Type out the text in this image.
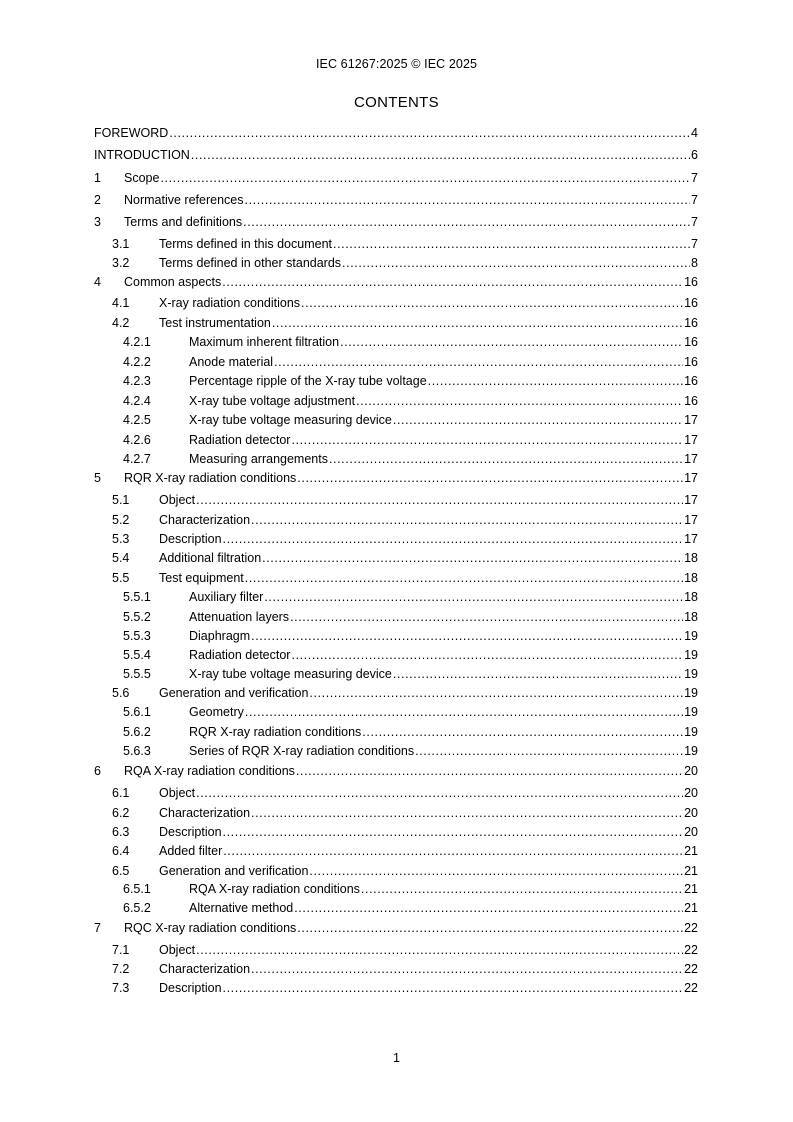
IEC 61267:2025 © IEC 2025
CONTENTS
FOREWORD .....	4
INTRODUCTION .....	6
1	Scope .....	7
2	Normative references .....	7
3	Terms and definitions .....	7
3.1	Terms defined in this document .....	7
3.2	Terms defined in other standards .....	8
4	Common aspects .....	16
4.1	X-ray radiation conditions .....	16
4.2	Test instrumentation .....	16
4.2.1	Maximum inherent filtration .....	16
4.2.2	Anode material .....	16
4.2.3	Percentage ripple of the X-ray tube voltage .....	16
4.2.4	X-ray tube voltage adjustment .....	16
4.2.5	X-ray tube voltage measuring device .....	17
4.2.6	Radiation detector .....	17
4.2.7	Measuring arrangements .....	17
5	RQR X-ray radiation conditions .....	17
5.1	Object .....	17
5.2	Characterization .....	17
5.3	Description .....	17
5.4	Additional filtration .....	18
5.5	Test equipment .....	18
5.5.1	Auxiliary filter .....	18
5.5.2	Attenuation layers .....	18
5.5.3	Diaphragm .....	19
5.5.4	Radiation detector .....	19
5.5.5	X-ray tube voltage measuring device .....	19
5.6	Generation and verification .....	19
5.6.1	Geometry .....	19
5.6.2	RQR X-ray radiation conditions .....	19
5.6.3	Series of RQR X-ray radiation conditions .....	19
6	RQA X-ray radiation conditions .....	20
6.1	Object .....	20
6.2	Characterization .....	20
6.3	Description .....	20
6.4	Added filter .....	21
6.5	Generation and verification .....	21
6.5.1	RQA X-ray radiation conditions .....	21
6.5.2	Alternative method .....	21
7	RQC X-ray radiation conditions .....	22
7.1	Object .....	22
7.2	Characterization .....	22
7.3	Description .....	22
1
